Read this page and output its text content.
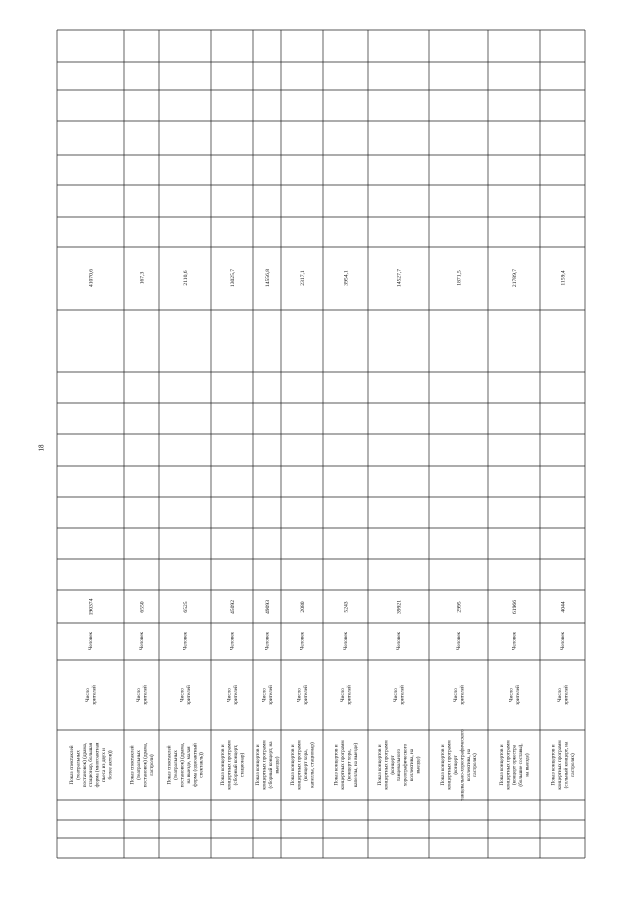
18
Показ спектаклей (театральных постановок) (драма, стационар, большая форма (многоактная пьеса из двух и более актов))
Число зрителей
Человек
190374
41070,6
Показ спектаклей (театральных постановок) (драма, гастроли)
Число зрителей
Человек
6550
167,3
Показ спектаклей (театральных постановок) (драма, на выезде, малая форма (одноактный спектакль))
Число зрителей
Человек
6525
2110,6
Показ концертов и концертных программ (сборный концерт, стационар)
Число зрителей
Человек
45092
13025,7
Показ концертов и концертных программ (сборный концерт, на выезде)
Число зрителей
Человек
49093
14556,8
Показ концертов и концертных программ (концерт хора, капеллы, стационар)
Число зрителей
Человек
2080
2317,1
Показ концертов и концертных программ (концерт хора, капеллы, на выезде)
Число зрителей
Человек
5243
3954,1
Показ концертов и концертных программ (концерт танцевального хореографического коллектива, на выезде)
Число зрителей
Человек
39921
14527,7
Показ концертов и концертных программ (концерт танцевально-хореографического коллектива, на гастролях)
Число зрителей
Человек
2995
1871,5
Показ концертов и концертных программ (концерт оркестра (большие составы), на выезде)
Число зрителей
Человек
61966
21789,7
Показ концертов и концертных программ (сольный концерт, на гастролях)
Число зрителей
Человек
4044
1159,4
